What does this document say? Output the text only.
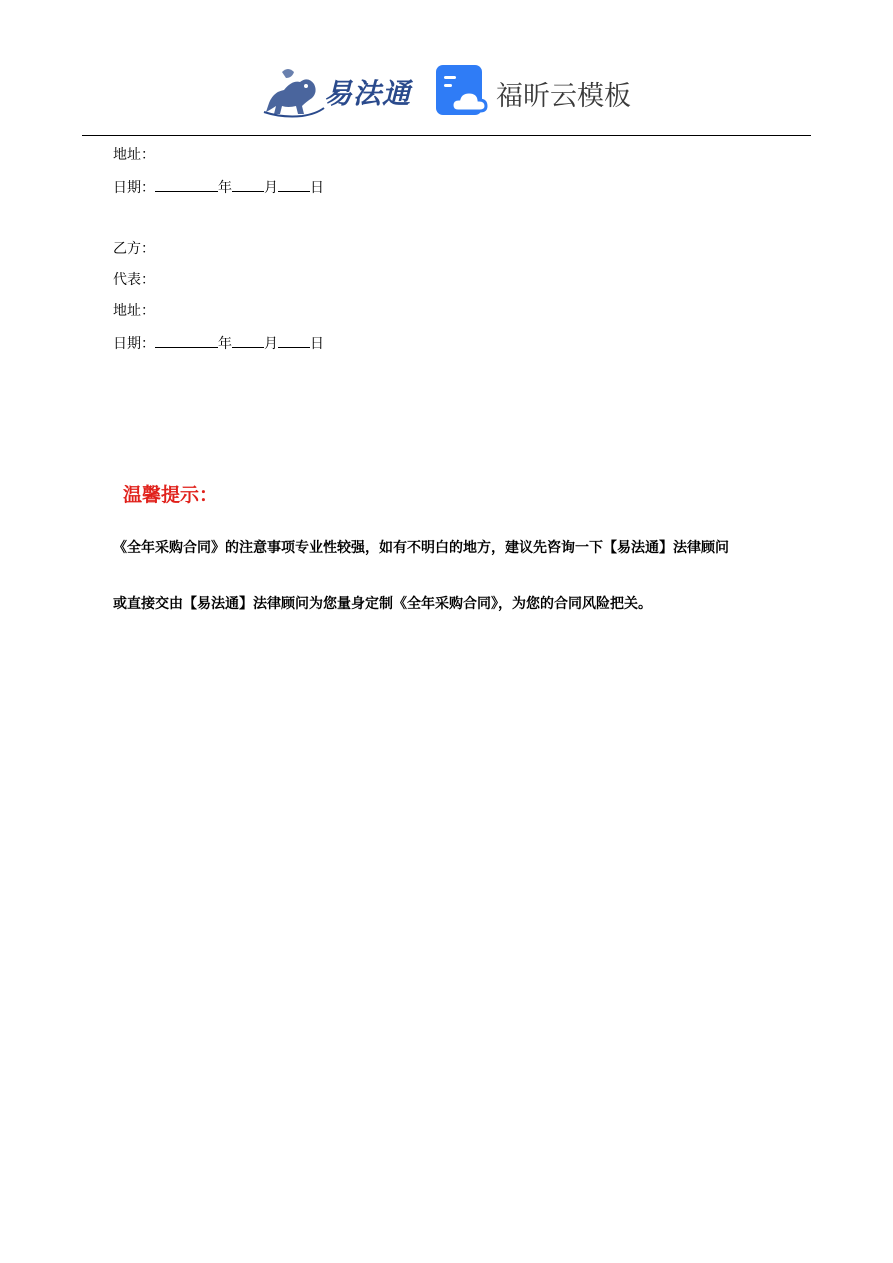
易法通	福昕云模板
地址：
日期：	年 月 日
乙方：
代表：
地址：
日期：	年 月 日
温馨提示：
《全年采购合同》的注意事项专业性较强，如有不明白的地方，建议先咨询一下【易法通】法律顾问
或直接交由【易法通】法律顾问为您量身定制《全年采购合同》，为您的合同风险把关。
